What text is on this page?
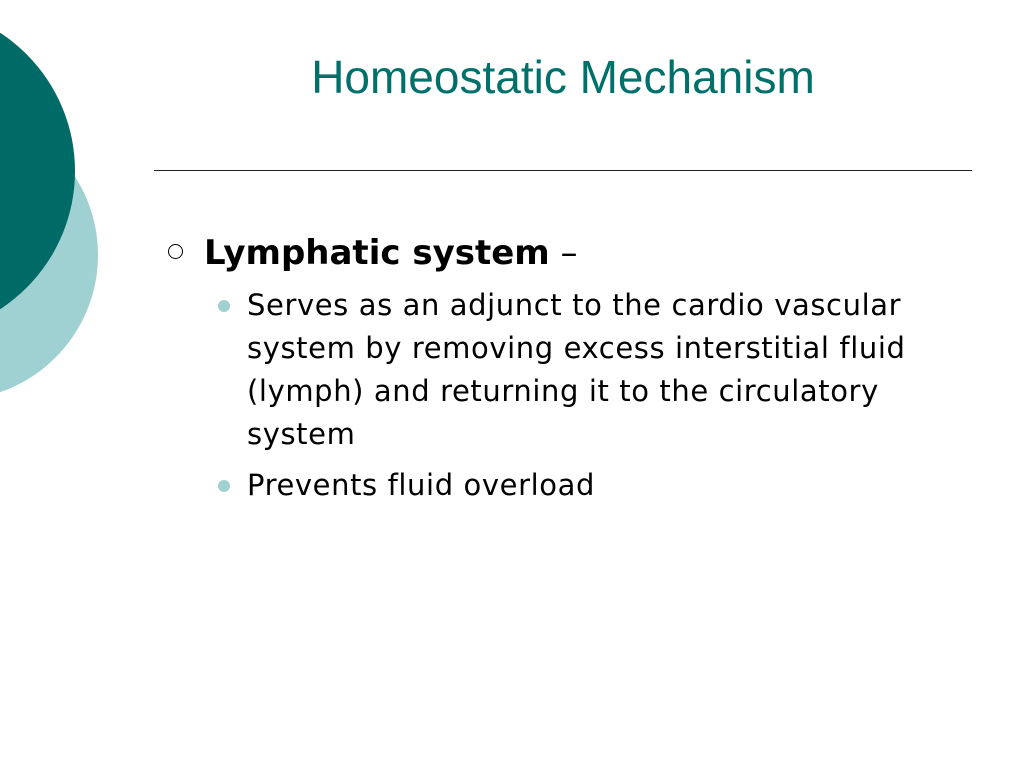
Homeostatic Mechanism
Lymphatic system –
Serves as an adjunct to the cardio vascular system by removing excess interstitial fluid (lymph) and returning it to the circulatory system
Prevents fluid overload
